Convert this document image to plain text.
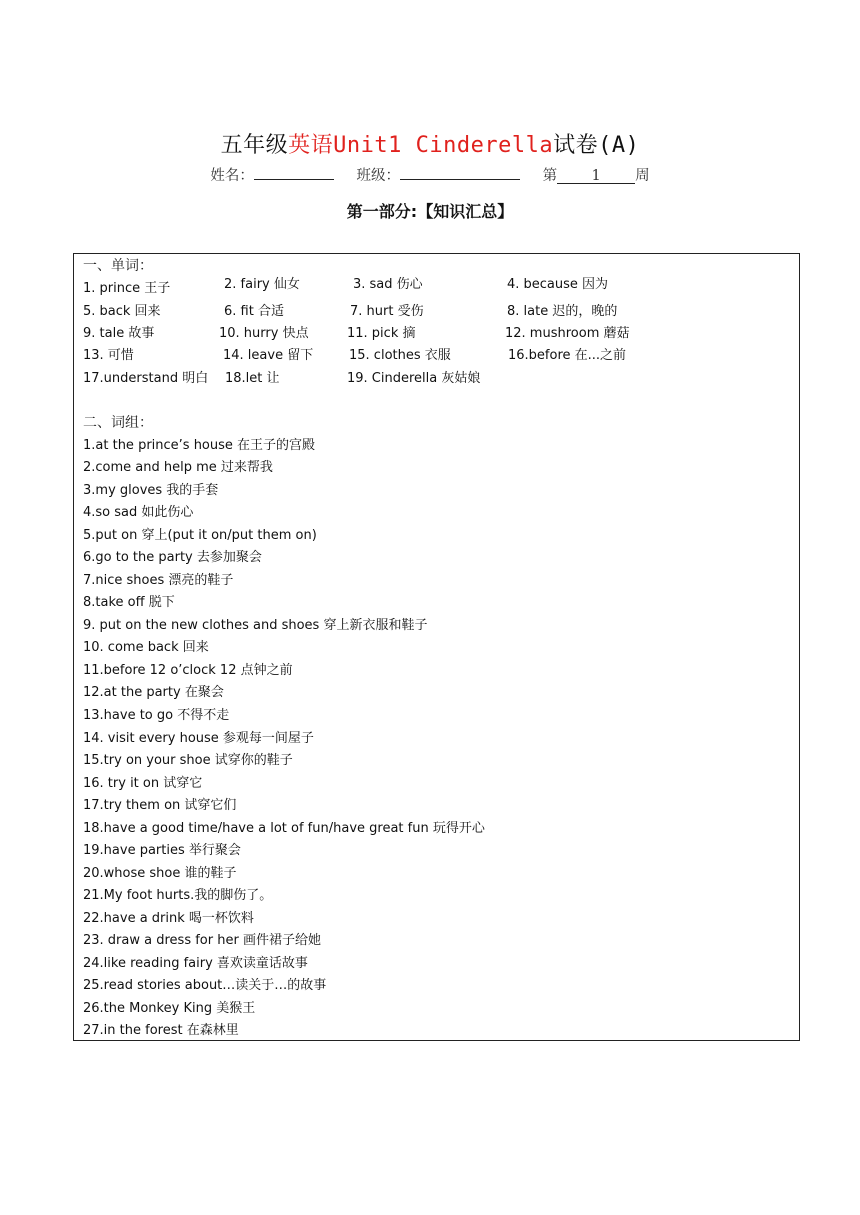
五年级英语Unit1 Cinderella试卷(A)
姓名：	班级：	第 1 周
第一部分:【知识汇总】
一、单词：
1. prince 王子	2. fairy 仙女	3. sad 伤心	4. because 因为
5. back 回来	6. fit 合适	7. hurt 受伤	8. late 迟的，晚的
9. tale 故事	10. hurry 快点	11. pick 摘	12. mushroom 蘑菇
13. 可惜	14. leave 留下	15. clothes 衣服	16.before 在...之前
17.understand 明白 18.let 让	19. Cinderella 灰姑娘
二、词组：
1.at the prince’s house 在王子的宫殿
2.come and help me 过来帮我
3.my gloves 我的手套
4.so sad 如此伤心
5.put on 穿上(put it on/put them on)
6.go to the party 去参加聚会
7.nice shoes 漂亮的鞋子
8.take off 脱下
9. put on the new clothes and shoes 穿上新衣服和鞋子
10. come back 回来
11.before 12 o’clock 12 点钟之前
12.at the party 在聚会
13.have to go 不得不走
14. visit every house 参观每一间屋子
15.try on your shoe 试穿你的鞋子
16. try it on 试穿它
17.try them on 试穿它们
18.have a good time/have a lot of fun/have great fun 玩得开心
19.have parties 举行聚会
20.whose shoe 谁的鞋子
21.My foot hurts.我的脚伤了。
22.have a drink 喝一杯饮料
23. draw a dress for her 画件裙子给她
24.like reading fairy 喜欢读童话故事
25.read stories about…读关于…的故事
26.the Monkey King 美猴王
27.in the forest 在森林里
